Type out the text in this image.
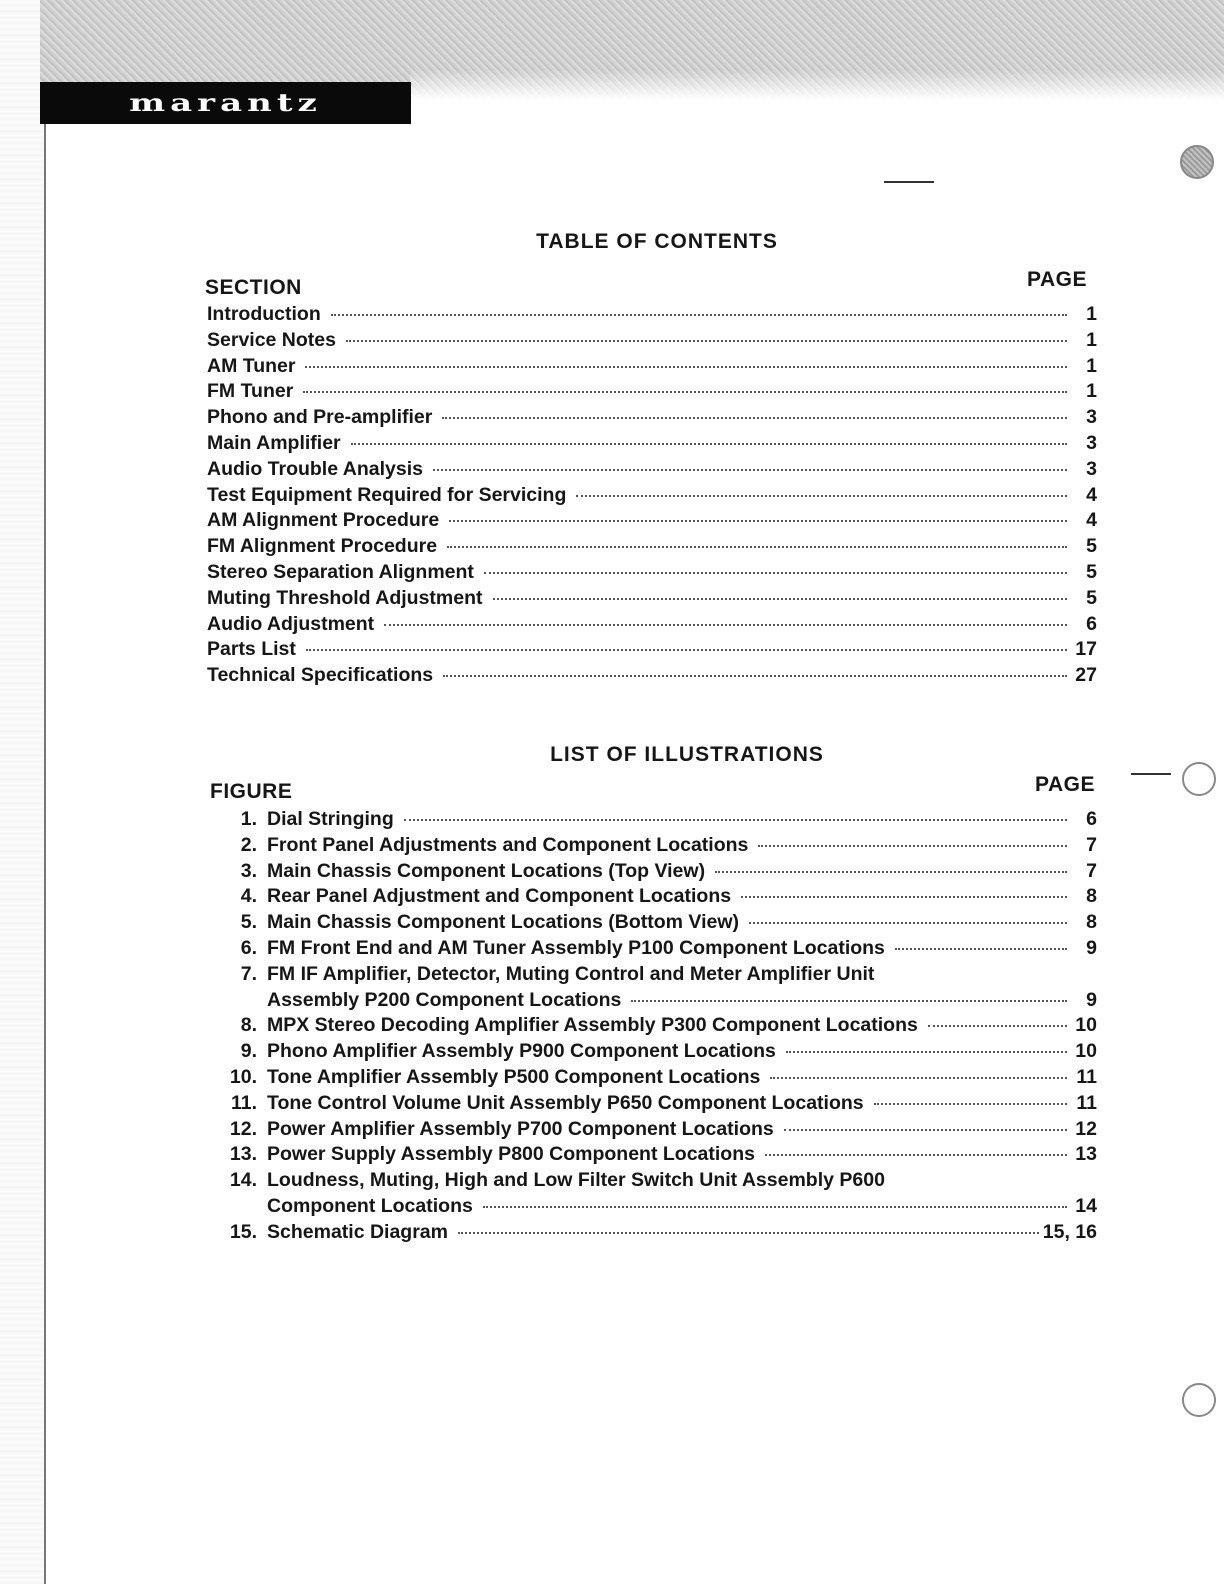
marantz
TABLE OF CONTENTS
SECTION	PAGE
Introduction	1
Service Notes	1
AM Tuner	1
FM Tuner	1
Phono and Pre-amplifier	3
Main Amplifier	3
Audio Trouble Analysis	3
Test Equipment Required for Servicing	4
AM Alignment Procedure	4
FM Alignment Procedure	5
Stereo Separation Alignment	5
Muting Threshold Adjustment	5
Audio Adjustment	6
Parts List	17
Technical Specifications	27
LIST OF ILLUSTRATIONS
FIGURE	PAGE
1. Dial Stringing	6
2. Front Panel Adjustments and Component Locations	7
3. Main Chassis Component Locations (Top View)	7
4. Rear Panel Adjustment and Component Locations	8
5. Main Chassis Component Locations (Bottom View)	8
6. FM Front End and AM Tuner Assembly P100 Component Locations	9
7. FM IF Amplifier, Detector, Muting Control and Meter Amplifier Unit
Assembly P200 Component Locations	9
8. MPX Stereo Decoding Amplifier Assembly P300 Component Locations	10
9. Phono Amplifier Assembly P900 Component Locations	10
10. Tone Amplifier Assembly P500 Component Locations	11
11. Tone Control Volume Unit Assembly P650 Component Locations	11
12. Power Amplifier Assembly P700 Component Locations	12
13. Power Supply Assembly P800 Component Locations	13
14. Loudness, Muting, High and Low Filter Switch Unit Assembly P600
Component Locations	14
15. Schematic Diagram	15, 16
